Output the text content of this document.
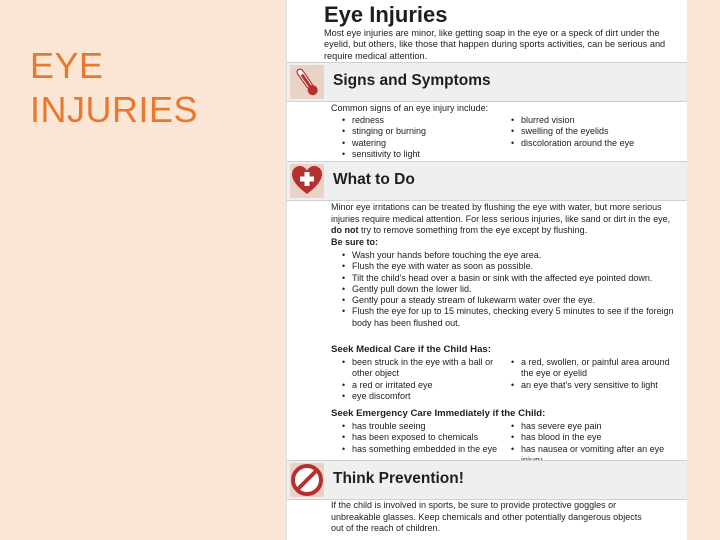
EYE
INJURIES
Eye Injuries
Most eye injuries are minor, like getting soap in the eye or a speck of dirt under the eyelid, but others, like those that happen during sports activities, can be serious and require medical attention.
Signs and Symptoms
Common signs of an eye injury include:
• redness
• stinging or burning
• watering
• sensitivity to light
• blurred vision
• swelling of the eyelids
• discoloration around the eye
What to Do
Minor eye irritations can be treated by flushing the eye with water, but more serious injuries require medical attention. For less serious injuries, like sand or dirt in the eye, do not try to remove something from the eye except by flushing.
Be sure to:
• Wash your hands before touching the eye area.
• Flush the eye with water as soon as possible.
• Tilt the child's head over a basin or sink with the affected eye pointed down.
• Gently pull down the lower lid.
• Gently pour a steady stream of lukewarm water over the eye.
• Flush the eye for up to 15 minutes, checking every 5 minutes to see if the foreign body has been flushed out.
Seek Medical Care if the Child Has:
• been struck in the eye with a ball or other object
• a red or irritated eye
• eye discomfort
• a red, swollen, or painful area around the eye or eyelid
• an eye that's very sensitive to light
Seek Emergency Care Immediately if the Child:
• has trouble seeing
• has been exposed to chemicals
• has something embedded in the eye
• has severe eye pain
• has blood in the eye
• has nausea or vomiting after an eye
Think Prevention!
If the child is involved in sports, be sure to provide protective goggles or unbreakable glasses. Keep chemicals and other potentially dangerous objects out of the reach of children.
